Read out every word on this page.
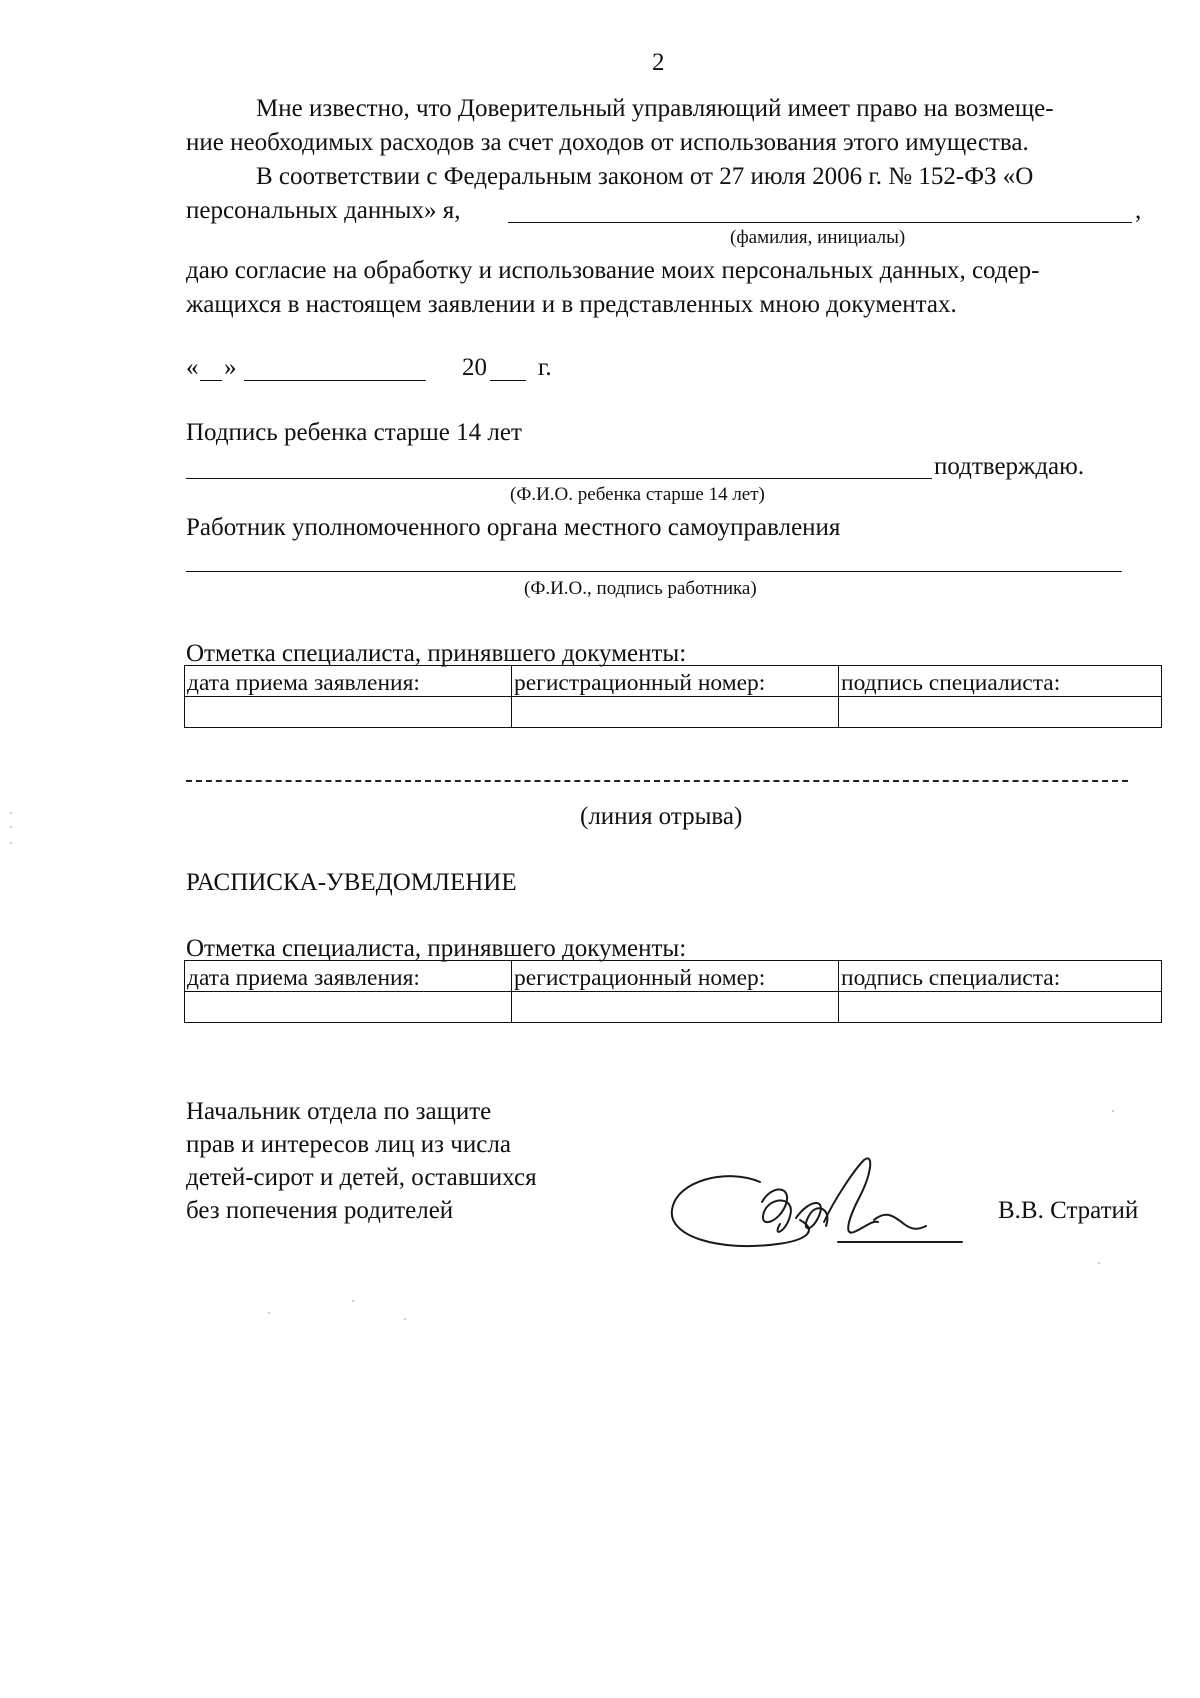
2
Мне известно, что Доверительный управляющий имеет право на возмеще-
ние необходимых расходов за счет доходов от использования этого имущества.
В соответствии с Федеральным законом от 27 июля 2006 г. № 152-ФЗ «О
персональных данных» я,	,
(фамилия, инициалы)
даю согласие на обработку и использование моих персональных данных, содер-
жащихся в настоящем заявлении и в представленных мною документах.
« »	20 г.
Подпись ребенка старше 14 лет
подтверждаю.
(Ф.И.О. ребенка старше 14 лет)
Работник уполномоченного органа местного самоуправления
(Ф.И.О., подпись работника)
Отметка специалиста, принявшего документы:
дата приема заявления:	регистрационный номер:	подпись специалиста:

(линия отрыва)
РАСПИСКА-УВЕДОМЛЕНИЕ
Отметка специалиста, принявшего документы:
дата приема заявления:	регистрационный номер:	подпись специалиста:

Начальник отдела по защите
прав и интересов лиц из числа
детей-сирот и детей, оставшихся
без попечения родителей	В.В. Стратий
